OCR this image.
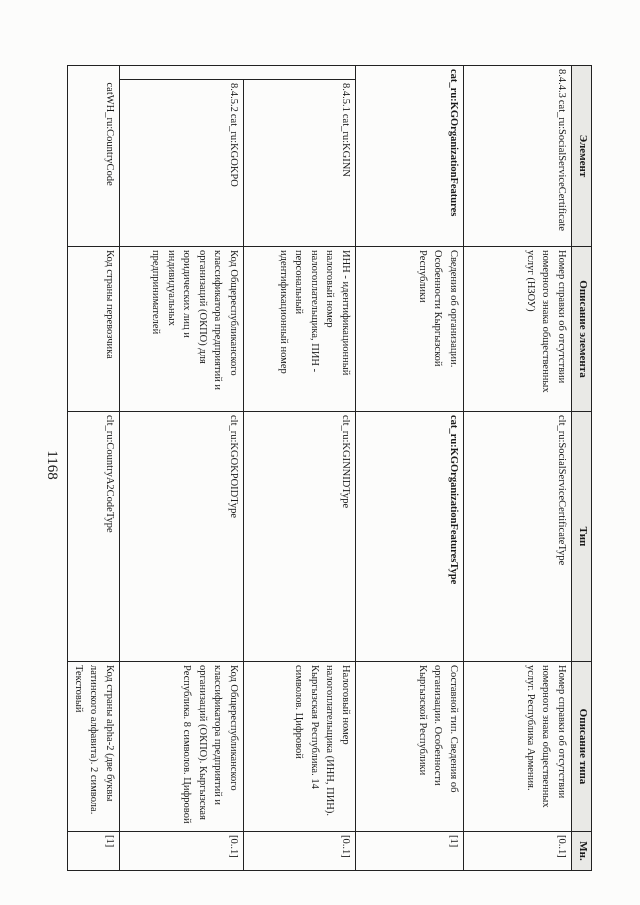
1168
Элемент		Описание элемента	Тип	Описание типа	Мн.
8.4.4.3cat_ru:SocialServiceCertificate		Номер справки об отсутствии номерного знака общественных услуг (НЗОУ)	clt_ru:SocialServiceCertificateType	Номер справки об отсутствии номерного знака общественных услуг. Республика Армения.	[0..1]
cat_ru:KGOrganizationFeatures		Сведения об организации. Особенности Кыргызской Республики	cat_ru:KGOrganizationFeaturesType	Составной тип. Сведения об организации. Особенности Кыргызской Республики	[1]
	8.4.5.1cat_ru:KGINN	ИНН - идентификационный налоговый номер налогоплательщика, ПИН - персональный идентификационный номер	clt_ru:KGINNIDType	Налоговый номер налогоплательщика (ИНН, ПИН). Кыргызская Республика. 14 символов. Цифровой	[0..1]
	8.4.5.2cat_ru:KGOKPO	Код Общереспубликанского классификатора предприятий и организаций (ОКПО) для юридических лиц и индивидуальных предпринимателей	clt_ru:KGOKPOIDType	Код Общереспубликанского классификатора предприятий и организаций (ОКПО). Кыргызская Республика. 8 символов. Цифровой	[0..1]
	catWH_ru:CountryCode	Код страны перевозчика	clt_ru:CountryA2CodeType	Код страны alpha-2 (две буквы латинского алфавита). 2 символа. Текстовый	[1]
